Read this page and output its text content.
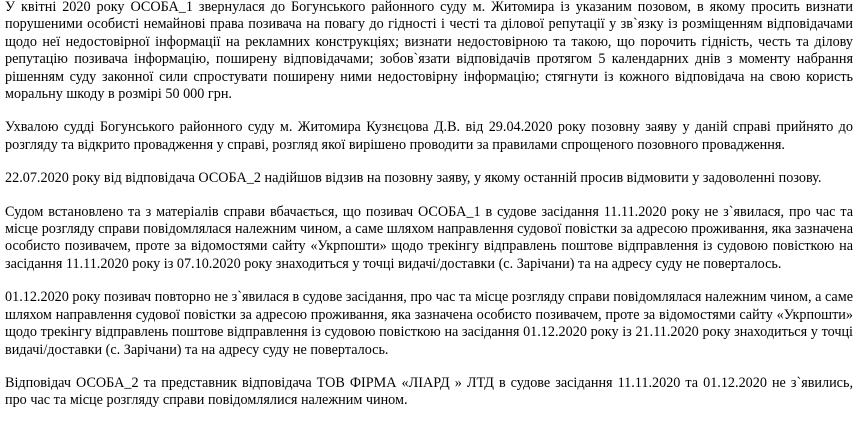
У квітні 2020 року ОСОБА_1 звернулася до Богунського районного суду м. Житомира із указаним позовом, в якому просить визнати порушеними особисті немайнові права позивача на повагу до гідності і честі та ділової репутації у зв`язку із розміщенням відповідачами щодо неї недостовірної інформації на рекламних конструкціях; визнати недостовірною та такою, що порочить гідність, честь та ділову репутацію позивача інформацію, поширену відповідачами; зобов`язати відповідачів протягом 5 календарних днів з моменту набрання рішенням суду законної сили спростувати поширену ними недостовірну інформацію; стягнути із кожного відповідача на свою користь моральну шкоду в розмірі 50 000 грн.

Ухвалою судді Богунського районного суду м. Житомира Кузнєцова Д.В. від 29.04.2020 року позовну заяву у даній справі прийнято до розгляду та відкрито провадження у справі, розгляд якої вирішено проводити за правилами спрощеного позовного провадження.

22.07.2020 року від відповідача ОСОБА_2 надійшов відзив на позовну заяву, у якому останній просив відмовити у задоволенні позову.

Судом встановлено та з матеріалів справи вбачається, що позивач ОСОБА_1 в судове засідання 11.11.2020 року не з`явилася, про час та місце розгляду справи повідомлялася належним чином, а саме шляхом направлення судової повістки за адресою проживання, яка зазначена особисто позивачем, проте за відомостями сайту «Укрпошти» щодо трекінгу відправлень поштове відправлення із судовою повісткою на засідання 11.11.2020 року із 07.10.2020 року знаходиться у точці видачі/доставки (с. Зарічани) та на адресу суду не поверталось.

01.12.2020 року позивач повторно не з`явилася в судове засідання, про час та місце розгляду справи повідомлялася належним чином, а саме шляхом направлення судової повістки за адресою проживання, яка зазначена особисто позивачем, проте за відомостями сайту «Укрпошти» щодо трекінгу відправлень поштове відправлення із судовою повісткою на засідання 01.12.2020 року із 21.11.2020 року знаходиться у точці видачі/доставки (с. Зарічани) та на адресу суду не поверталось.

Відповідач ОСОБА_2 та представник відповідача ТОВ ФІРМА «ЛІАРД » ЛТД в судове засідання 11.11.2020 та 01.12.2020 не з`явились, про час та місце розгляду справи повідомлялися належним чином.
